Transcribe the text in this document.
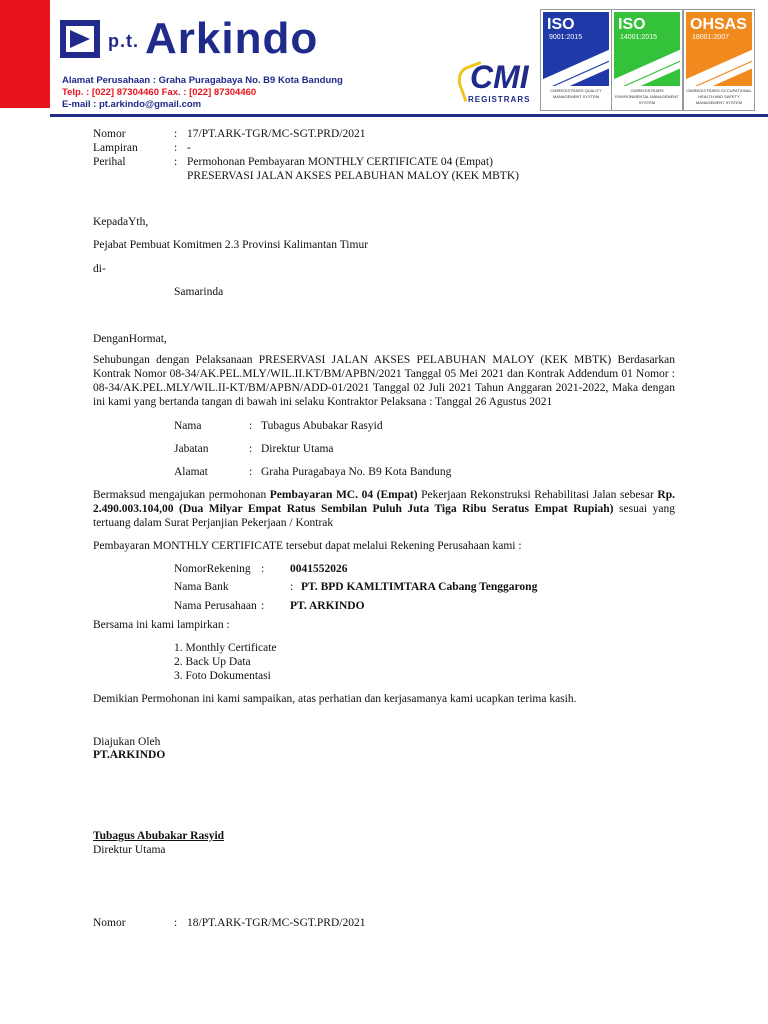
p.t. Arkindo
Alamat Perusahaan : Graha Puragabaya No. B9 Kota Bandung
Telp. : [022] 87304460 Fax. : [022] 87304460
E-mail : pt.arkindo@gmail.com
CMI
REGISTRARS
ISO
9001:2015
CMIREGISTRARS QUALITY MANAGEMENT SYSTEM
ISO
14001:2015
CMIREGISTRARS ENVIRONMENTAL MANAGEMENT SYSTEM
OHSAS
18001:2007
CMIREGISTRARS OCCUPATIONAL HEALTH AND SAFETY MANAGEMENT SYSTEM
Nomor	: 17/PT.ARK-TGR/MC-SGT.PRD/2021
Lampiran	: -
Perihal	: Permohonan Pembayaran MONTHLY CERTIFICATE 04 (Empat)
PRESERVASI JALAN AKSES PELABUHAN MALOY (KEK MBTK)
KepadaYth,
Pejabat Pembuat Komitmen 2.3 Provinsi Kalimantan Timur
di-
Samarinda
DenganHormat,
Sehubungan dengan Pelaksanaan PRESERVASI JALAN AKSES PELABUHAN MALOY (KEK MBTK) Berdasarkan Kontrak Nomor 08-34/AK.PEL.MLY/WIL.II.KT/BM/APBN/2021 Tanggal 05 Mei 2021 dan Kontrak Addendum 01 Nomor : 08-34/AK.PEL.MLY/WIL.II-KT/BM/APBN/ADD-01/2021 Tanggal 02 Juli 2021 Tahun Anggaran 2021-2022, Maka dengan ini kami yang bertanda tangan di bawah ini selaku Kontraktor Pelaksana : Tanggal 26 Agustus 2021
Nama	: Tubagus Abubakar Rasyid
Jabatan	: Direktur Utama
Alamat	: Graha Puragabaya No. B9 Kota Bandung
Bermaksud mengajukan permohonan Pembayaran MC. 04 (Empat) Pekerjaan Rekonstruksi Rehabilitasi Jalan sebesar Rp. 2.490.003.104,00 (Dua Milyar Empat Ratus Sembilan Puluh Juta Tiga Ribu Seratus Empat Rupiah) sesuai yang tertuang dalam Surat Perjanjian Pekerjaan / Kontrak
Pembayaran MONTHLY CERTIFICATE tersebut dapat melalui Rekening Perusahaan kami :
NomorRekening : 0041552026
Nama Bank	: PT. BPD KAMLTIMTARA Cabang Tenggarong
Nama Perusahaan : PT. ARKINDO
Bersama ini kami lampirkan :
1. Monthly Certificate
2. Back Up Data
3. Foto Dokumentasi
Demikian Permohonan ini kami sampaikan, atas perhatian dan kerjasamanya kami ucapkan terima kasih.
Diajukan Oleh
PT.ARKINDO
Tubagus Abubakar Rasyid
Direktur Utama
Nomor	: 18/PT.ARK-TGR/MC-SGT.PRD/2021
